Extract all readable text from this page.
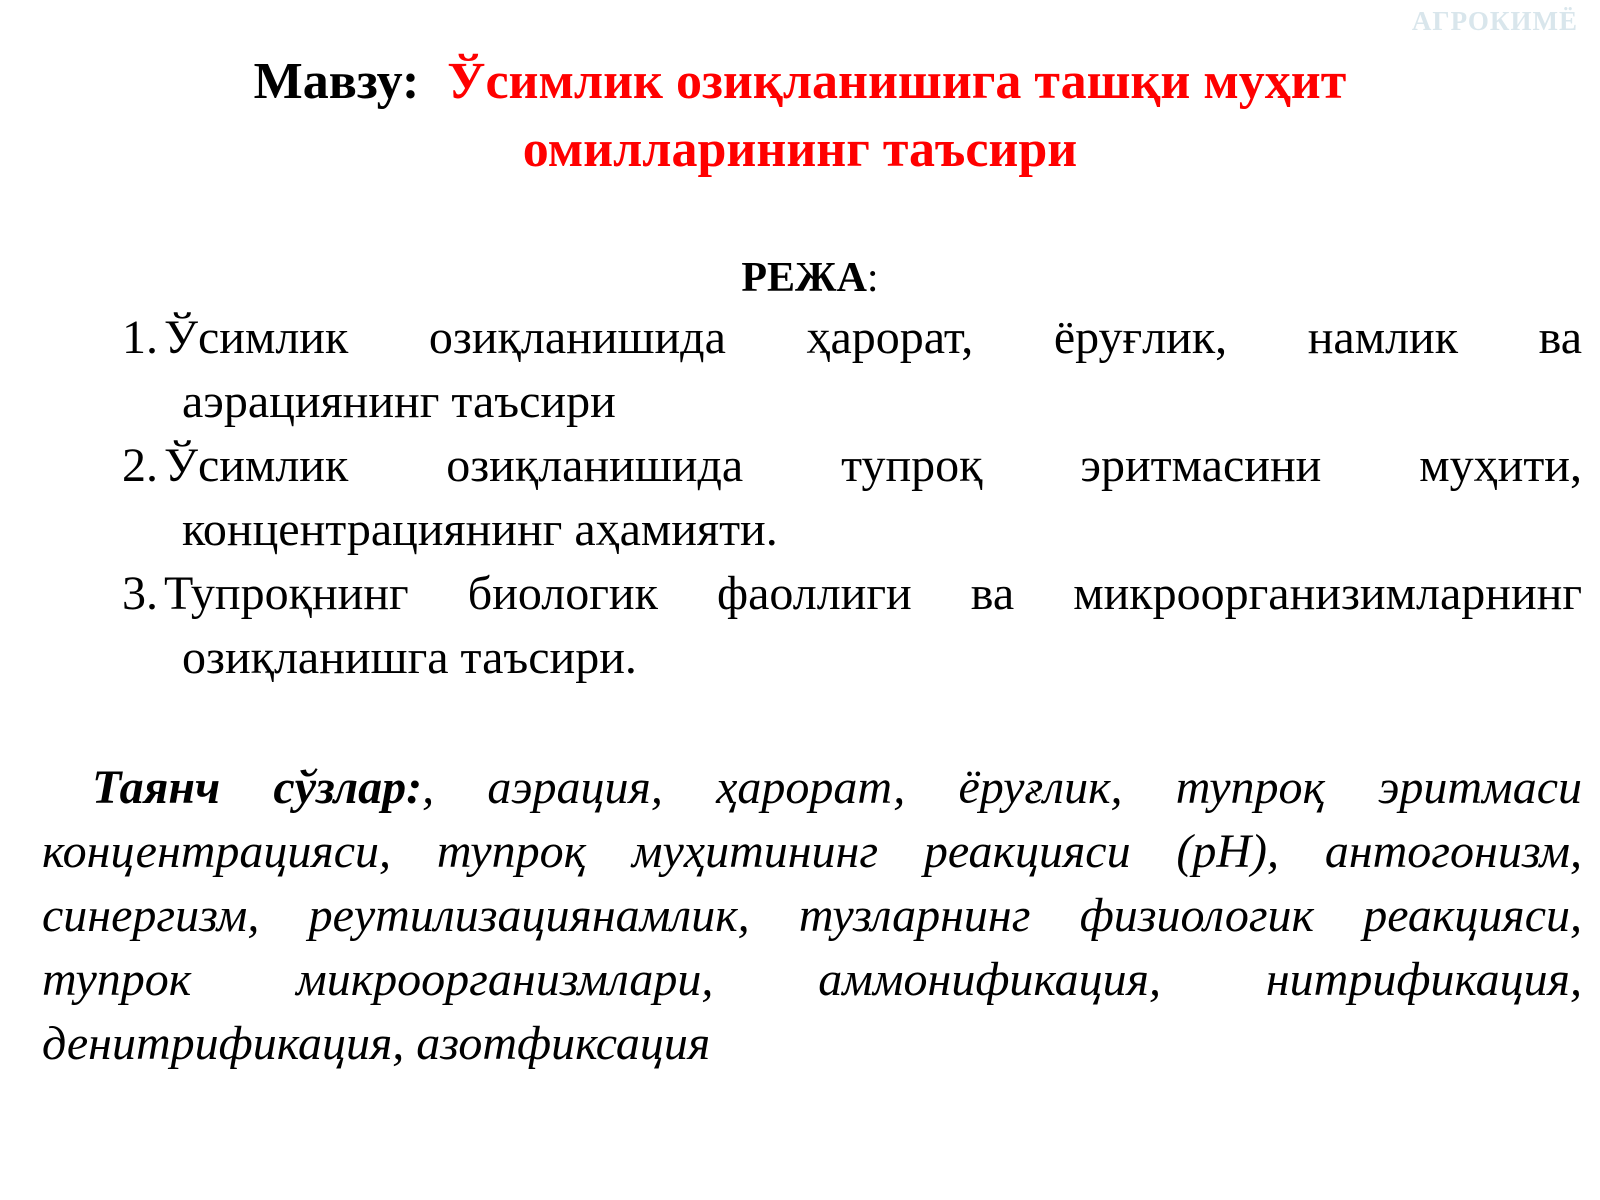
АГРОКИМЁ
Мавзу: Ўсимлик озиқланишига ташқи муҳит
омилларининг таъсири
РЕЖА:
1. Ўсимлик озиқланишида ҳарорат, ёруғлик, намлик ва
аэрациянинг таъсири
2. Ўсимлик озиқланишида тупроқ эритмасини муҳити,
концентрациянинг аҳамияти.
3. Тупроқнинг биологик фаоллиги ва микроорганизимларнинг
озиқланишга таъсири.
Таянч сўзлар:, аэрация, ҳарорат, ёруғлик, тупроқ эритмаси концентрацияси, тупроқ муҳитининг реакцияси (рН), антогонизм, синергизм, реутилизациянамлик, тузларнинг физиологик реакцияси, тупрок микроорганизмлари, аммонификация, нитрификация, денитрификация, азотфиксация
